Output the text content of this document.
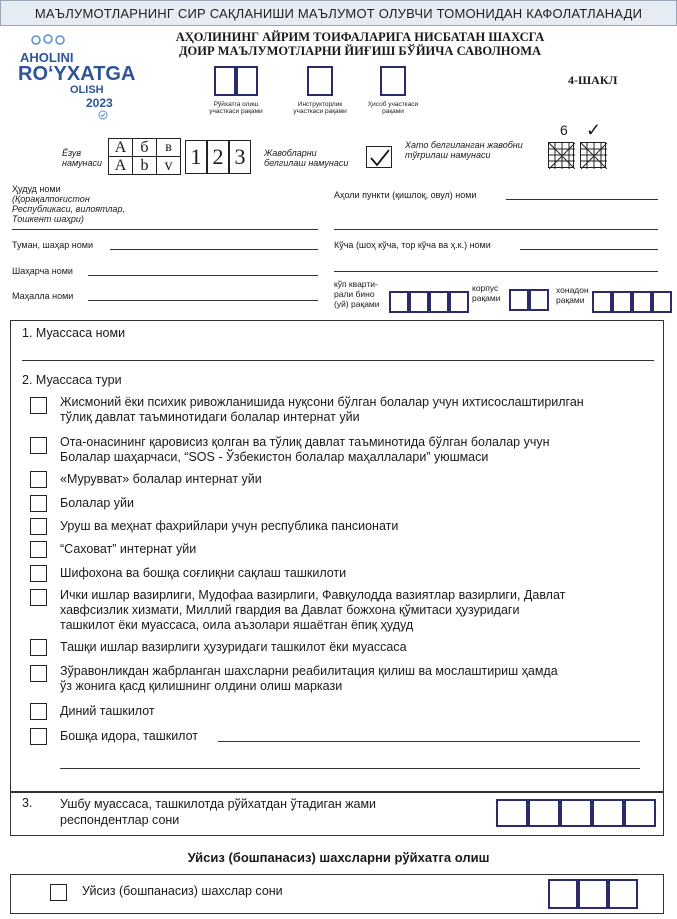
МАЪЛУМОТЛАРНИНГ СИР САҚЛАНИШИ МАЪЛУМОТ ОЛУВЧИ ТОМОНИДАН КАФОЛАТЛАНАДИ
AHOLINI
ROʻYXATGA
OLISH
2023
АҲОЛИНИНГ АЙРИМ ТОИФАЛАРИГА НИСБАТАН ШАХСГА
ДОИР МАЪЛУМОТЛАРНИ ЙИҒИШ БЎЙИЧА САВОЛНОМА
4-ШАКЛ
Рўйхатга олиш участкаси рақами
Инструкторлик участкаси рақами
Ҳисоб участкаси рақами
Ёзув
намунаси
А б	в
A b	v 1 2 3	Жавобларни
белгилаш намунаси
Хато белгиланган жавобни
тўғрилаш намунаси
6 ✓
Ҳудуд номи
(Қорақалпоғистон
Республикаси, вилоятлар,
Тошкент шаҳри)
Аҳоли пункти (қишлоқ, овул) номи
Туман, шаҳар номи	Кўча (шоҳ кўча, тор кўча ва ҳ.к.) номи
Шаҳарча номи
Маҳалла номи
кўп кварти-
рали бино
(уй) рақами
корпус
рақами
хонадон
рақами
1. Муассаса номи
2. Муассаса тури
Жисмоний ёки психик ривожланишида нуқсони бўлган болалар учун ихтисослаштирилган
тўлиқ давлат таъминотидаги болалар интернат уйи
Ота-онасининг қаровисиз қолган ва тўлиқ давлат таъминотида бўлган болалар учун
Болалар шаҳарчаси, “SOS - Ўзбекистон болалар маҳаллалари” уюшмаси
«Мурувват» болалар интернат уйи
Болалар уйи
Уруш ва меҳнат фахрийлари учун республика пансионати
“Саховат” интернат уйи
Шифохона ва бошқа соғлиқни сақлаш ташкилоти
Ички ишлар вазирлиги, Мудофаа вазирлиги, Фавқулодда вазиятлар вазирлиги, Давлат
хавфсизлик хизмати, Миллий гвардия ва Давлат божхона қўмитаси ҳузуридаги
ташкилот ёки муассаса, оила аъзолари яшаётган ёпиқ ҳудуд
Ташқи ишлар вазирлиги ҳузуридаги ташкилот ёки муассаса
Зўравонликдан жабрланган шахсларни реабилитация қилиш ва мослаштириш ҳамда
ўз жонига қасд қилишнинг олдини олиш маркази
Диний ташкилот
Бошқа идора, ташкилот
3. Ушбу муассаса, ташкилотда рўйхатдан ўтадиган жами
респондентлар сони
Уйсиз (бошпанасиз) шахсларни рўйхатга олиш
Уйсиз (бошпанасиз) шахслар сони
